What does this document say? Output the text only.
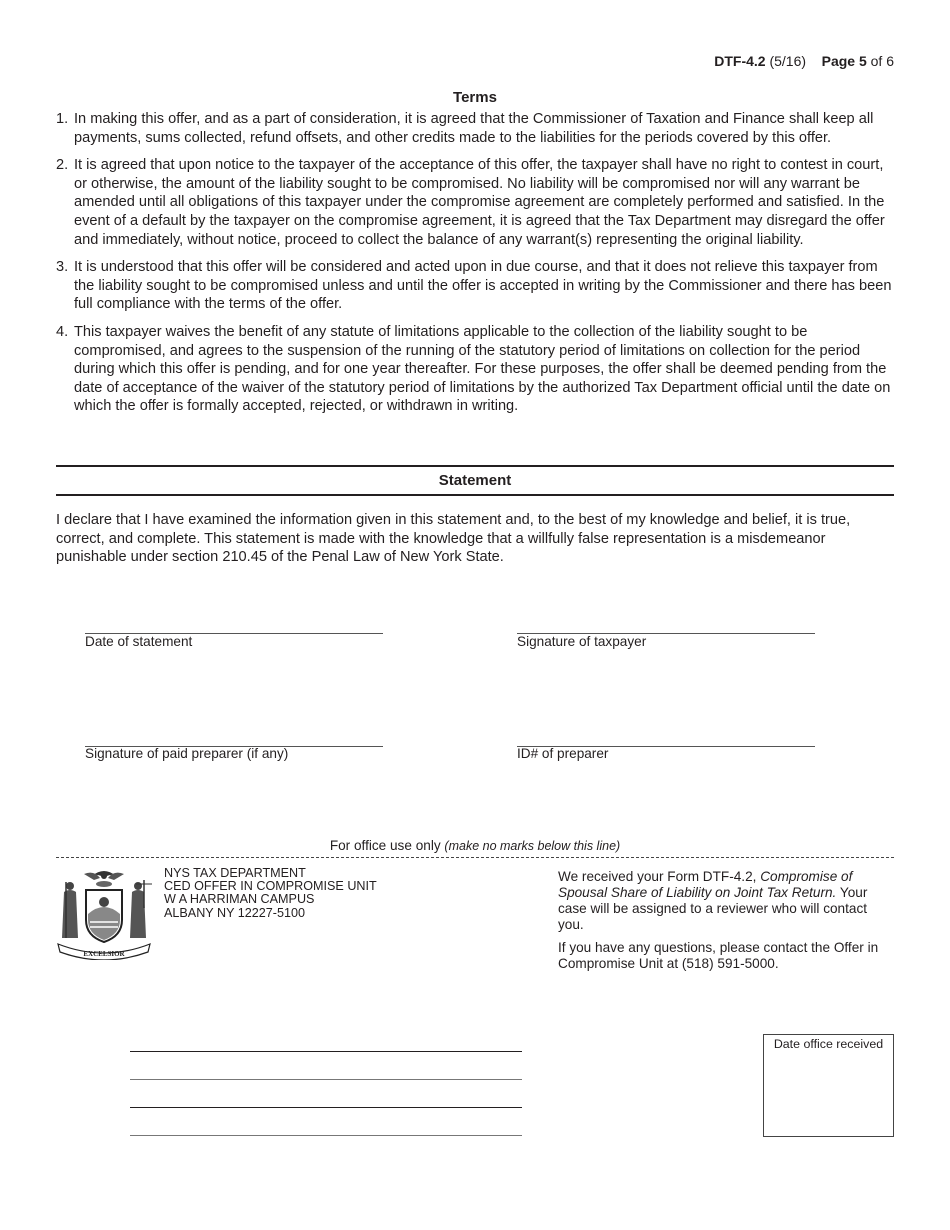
DTF-4.2 (5/16) Page 5 of 6
Terms
1. In making this offer, and as a part of consideration, it is agreed that the Commissioner of Taxation and Finance shall keep all payments, sums collected, refund offsets, and other credits made to the liabilities for the periods covered by this offer.
2. It is agreed that upon notice to the taxpayer of the acceptance of this offer, the taxpayer shall have no right to contest in court, or otherwise, the amount of the liability sought to be compromised. No liability will be compromised nor will any warrant be amended until all obligations of this taxpayer under the compromise agreement are completely performed and satisfied. In the event of a default by the taxpayer on the compromise agreement, it is agreed that the Tax Department may disregard the offer and immediately, without notice, proceed to collect the balance of any warrant(s) representing the original liability.
3. It is understood that this offer will be considered and acted upon in due course, and that it does not relieve this taxpayer from the liability sought to be compromised unless and until the offer is accepted in writing by the Commissioner and there has been full compliance with the terms of the offer.
4. This taxpayer waives the benefit of any statute of limitations applicable to the collection of the liability sought to be compromised, and agrees to the suspension of the running of the statutory period of limitations on collection for the period during which this offer is pending, and for one year thereafter. For these purposes, the offer shall be deemed pending from the date of acceptance of the waiver of the statutory period of limitations by the authorized Tax Department official until the date on which the offer is formally accepted, rejected, or withdrawn in writing.
Statement
I declare that I have examined the information given in this statement and, to the best of my knowledge and belief, it is true, correct, and complete. This statement is made with the knowledge that a willfully false representation is a misdemeanor punishable under section 210.45 of the Penal Law of New York State.
Date of statement	Signature of taxpayer
Signature of paid preparer (if any)	ID# of preparer
For office use only (make no marks below this line)
EXCELSIOR
NYS TAX DEPARTMENT
CED OFFER IN COMPROMISE UNIT
W A HARRIMAN CAMPUS
ALBANY NY 12227-5100

We received your Form DTF-4.2, Compromise of Spousal Share of Liability on Joint Tax Return. Your case will be assigned to a reviewer who will contact you.

If you have any questions, please contact the Offer in Compromise Unit at (518) 591-5000.

Date office received
